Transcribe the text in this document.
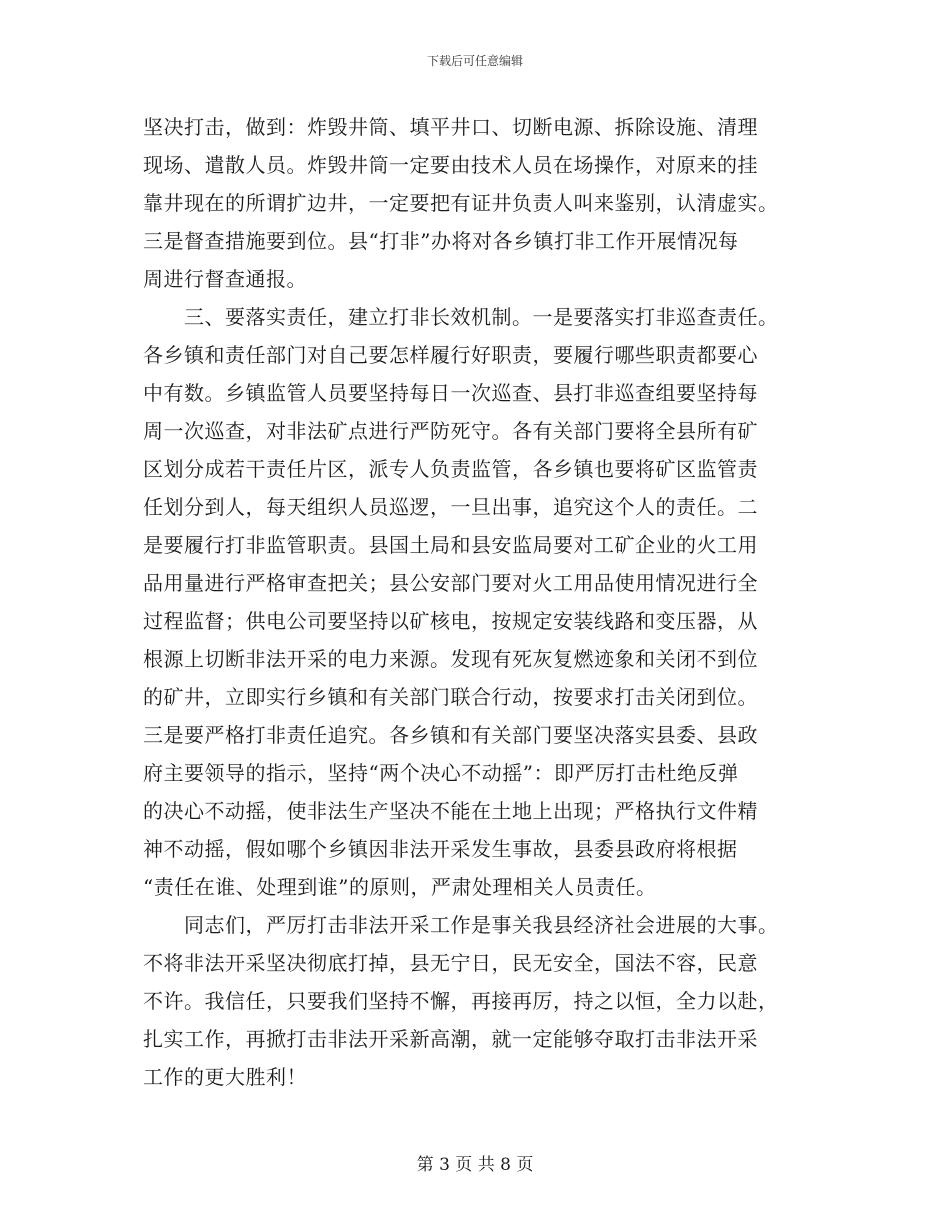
下载后可任意编辑
坚决打击，做到：炸毁井筒、填平井口、切断电源、拆除设施、清理
现场、遣散人员。炸毁井筒一定要由技术人员在场操作，对原来的挂
靠井现在的所谓扩边井，一定要把有证井负责人叫来鉴别，认清虚实。
三是督查措施要到位。县“打非”办将对各乡镇打非工作开展情况每
周进行督查通报。
　　三、要落实责任，建立打非长效机制。一是要落实打非巡查责任。
各乡镇和责任部门对自己要怎样履行好职责，要履行哪些职责都要心
中有数。乡镇监管人员要坚持每日一次巡查、县打非巡查组要坚持每
周一次巡查，对非法矿点进行严防死守。各有关部门要将全县所有矿
区划分成若干责任片区，派专人负责监管，各乡镇也要将矿区监管责
任划分到人，每天组织人员巡逻，一旦出事，追究这个人的责任。二
是要履行打非监管职责。县国土局和县安监局要对工矿企业的火工用
品用量进行严格审查把关；县公安部门要对火工用品使用情况进行全
过程监督；供电公司要坚持以矿核电，按规定安装线路和变压器，从
根源上切断非法开采的电力来源。发现有死灰复燃迹象和关闭不到位
的矿井，立即实行乡镇和有关部门联合行动，按要求打击关闭到位。
三是要严格打非责任追究。各乡镇和有关部门要坚决落实县委、县政
府主要领导的指示，坚持“两个决心不动摇”：即严厉打击杜绝反弹
的决心不动摇，使非法生产坚决不能在土地上出现；严格执行文件精
神不动摇，假如哪个乡镇因非法开采发生事故，县委县政府将根据
“责任在谁、处理到谁”的原则，严肃处理相关人员责任。
　　同志们，严厉打击非法开采工作是事关我县经济社会进展的大事。
不将非法开采坚决彻底打掉，县无宁日，民无安全，国法不容，民意
不许。我信任，只要我们坚持不懈，再接再厉，持之以恒，全力以赴，
扎实工作，再掀打击非法开采新高潮，就一定能够夺取打击非法开采
工作的更大胜利！
第 3 页 共 8 页
